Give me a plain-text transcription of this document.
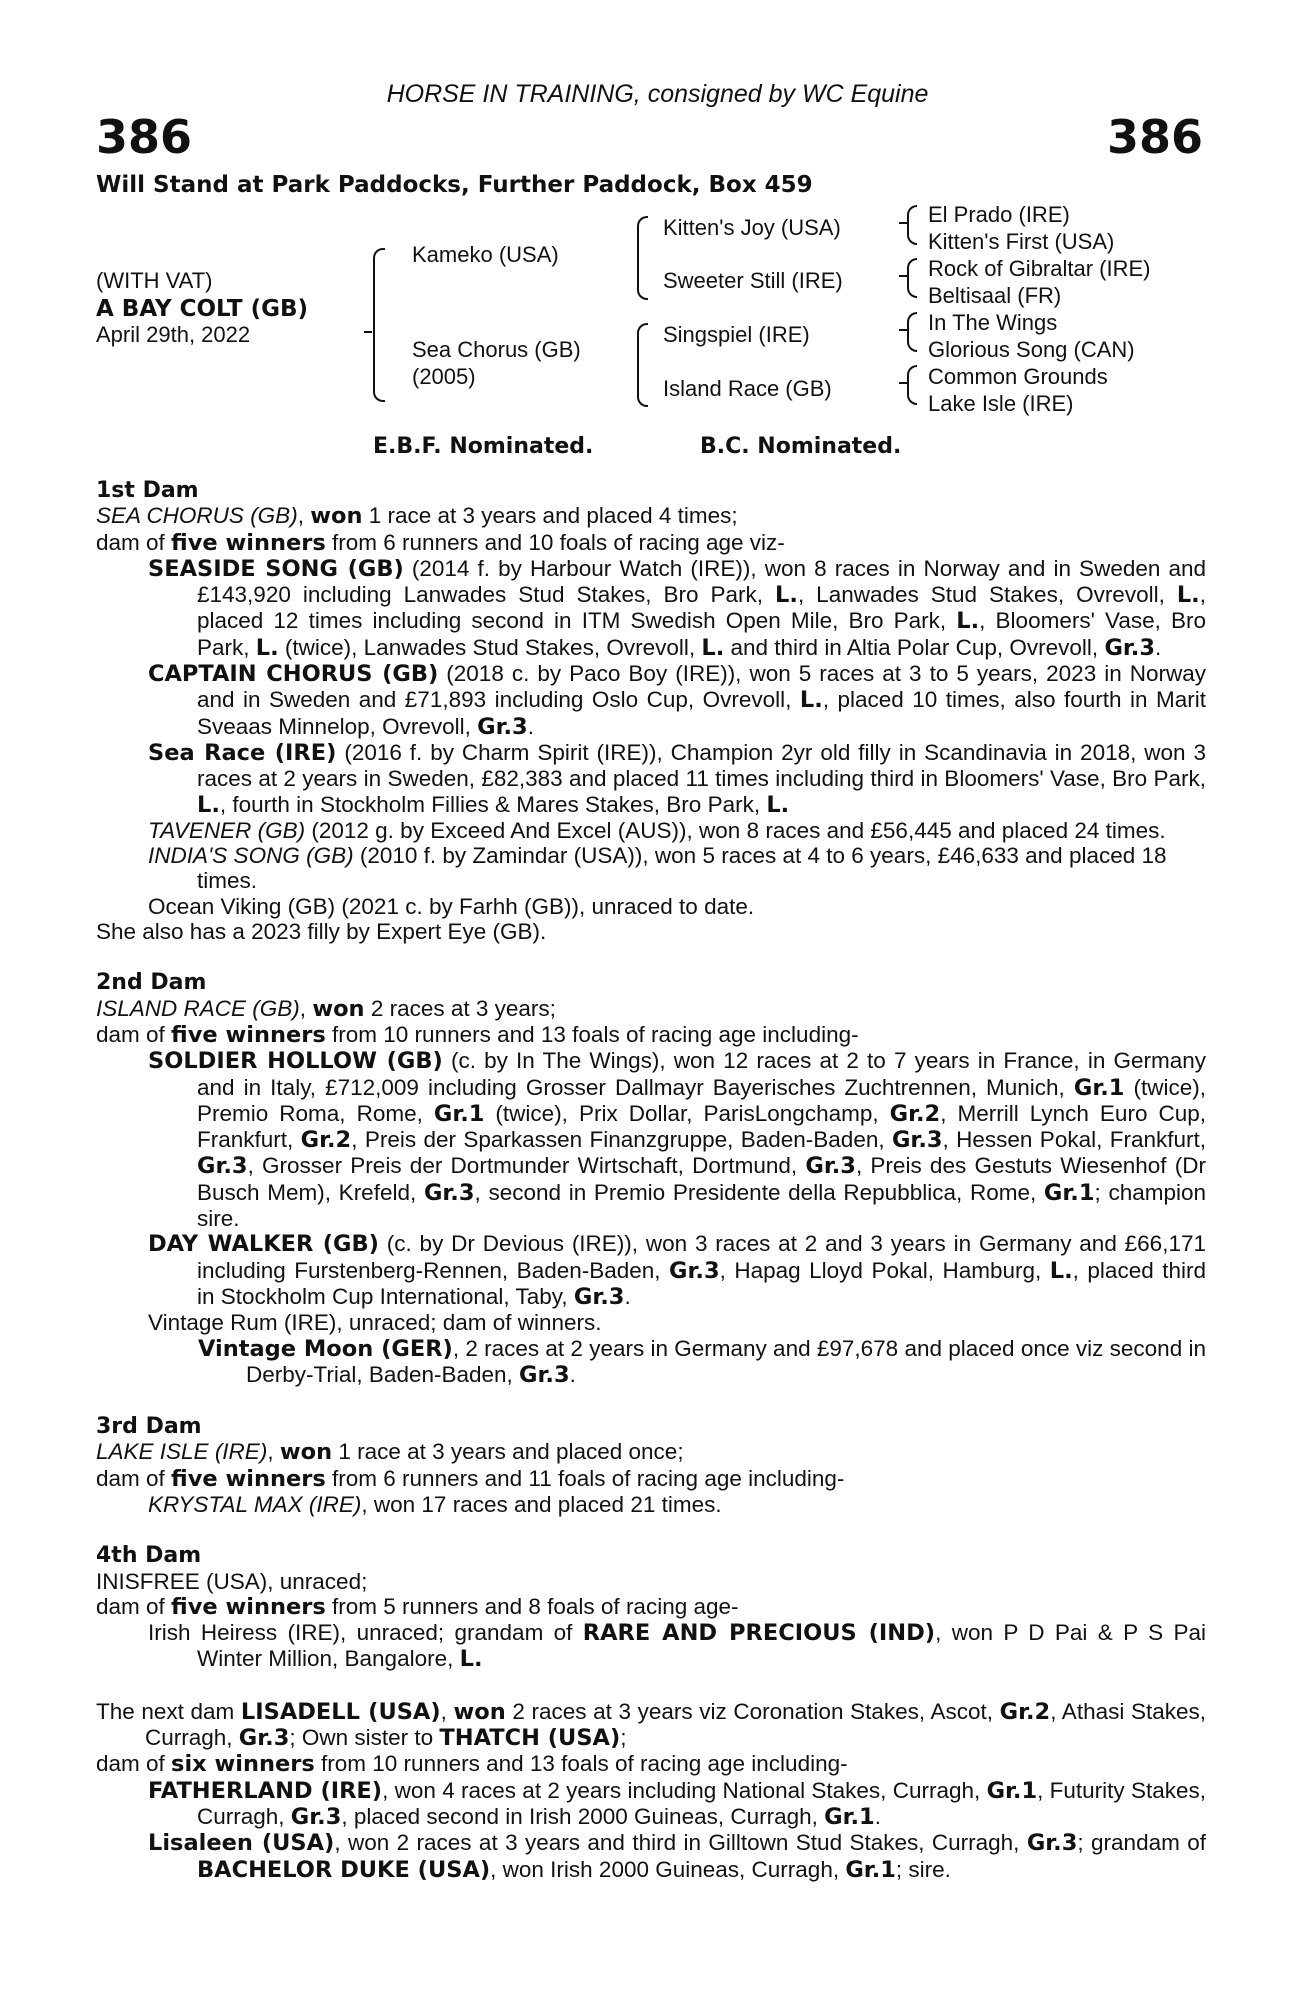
HORSE IN TRAINING, consigned by WC Equine
386	386
Will Stand at Park Paddocks, Further Paddock, Box 459
(WITH VAT)
A BAY COLT (GB)
April 29th, 2022
Kameko (USA)
Sea Chorus (GB)
(2005)
Kitten's Joy (USA)
Sweeter Still (IRE)
Singspiel (IRE)
Island Race (GB)
El Prado (IRE)
Kitten's First (USA)
Rock of Gibraltar (IRE)
Beltisaal (FR)
In The Wings
Glorious Song (CAN)
Common Grounds
Lake Isle (IRE)
E.B.F. Nominated.	B.C. Nominated.

1st Dam

SEA CHORUS (GB), won 1 race at 3 years and placed 4 times;

dam of five winners from 6 runners and 10 foals of racing age viz-

SEASIDE SONG (GB) (2014 f. by Harbour Watch (IRE)), won 8 races in Norway and in Sweden and £143,920 including Lanwades Stud Stakes, Bro Park, L., Lanwades Stud Stakes, Ovrevoll, L., placed 12 times including second in ITM Swedish Open Mile, Bro Park, L., Bloomers' Vase, Bro Park, L. (twice), Lanwades Stud Stakes, Ovrevoll, L. and third in Altia Polar Cup, Ovrevoll, Gr.3.

CAPTAIN CHORUS (GB) (2018 c. by Paco Boy (IRE)), won 5 races at 3 to 5 years, 2023 in Norway and in Sweden and £71,893 including Oslo Cup, Ovrevoll, L., placed 10 times, also fourth in Marit Sveaas Minnelop, Ovrevoll, Gr.3.

Sea Race (IRE) (2016 f. by Charm Spirit (IRE)), Champion 2yr old filly in Scandinavia in 2018, won 3 races at 2 years in Sweden, £82,383 and placed 11 times including third in Bloomers' Vase, Bro Park, L., fourth in Stockholm Fillies & Mares Stakes, Bro Park, L.

TAVENER (GB) (2012 g. by Exceed And Excel (AUS)), won 8 races and £56,445 and placed 24 times.

INDIA'S SONG (GB) (2010 f. by Zamindar (USA)), won 5 races at 4 to 6 years, £46,633 and placed 18 times.

Ocean Viking (GB) (2021 c. by Farhh (GB)), unraced to date.

She also has a 2023 filly by Expert Eye (GB).

2nd Dam

ISLAND RACE (GB), won 2 races at 3 years;

dam of five winners from 10 runners and 13 foals of racing age including-

SOLDIER HOLLOW (GB) (c. by In The Wings), won 12 races at 2 to 7 years in France, in Germany and in Italy, £712,009 including Grosser Dallmayr Bayerisches Zuchtrennen, Munich, Gr.1 (twice), Premio Roma, Rome, Gr.1 (twice), Prix Dollar, ParisLongchamp, Gr.2, Merrill Lynch Euro Cup, Frankfurt, Gr.2, Preis der Sparkassen Finanzgruppe, Baden-Baden, Gr.3, Hessen Pokal, Frankfurt, Gr.3, Grosser Preis der Dortmunder Wirtschaft, Dortmund, Gr.3, Preis des Gestuts Wiesenhof (Dr Busch Mem), Krefeld, Gr.3, second in Premio Presidente della Repubblica, Rome, Gr.1; champion sire.

DAY WALKER (GB) (c. by Dr Devious (IRE)), won 3 races at 2 and 3 years in Germany and £66,171 including Furstenberg-Rennen, Baden-Baden, Gr.3, Hapag Lloyd Pokal, Hamburg, L., placed third in Stockholm Cup International, Taby, Gr.3.

Vintage Rum (IRE), unraced; dam of winners.

Vintage Moon (GER), 2 races at 2 years in Germany and £97,678 and placed once viz second in Derby-Trial, Baden-Baden, Gr.3.

3rd Dam

LAKE ISLE (IRE), won 1 race at 3 years and placed once;

dam of five winners from 6 runners and 11 foals of racing age including-

KRYSTAL MAX (IRE), won 17 races and placed 21 times.

4th Dam

INISFREE (USA), unraced;

dam of five winners from 5 runners and 8 foals of racing age-

Irish Heiress (IRE), unraced; grandam of RARE AND PRECIOUS (IND), won P D Pai & P S Pai Winter Million, Bangalore, L.

The next dam LISADELL (USA), won 2 races at 3 years viz Coronation Stakes, Ascot, Gr.2, Athasi Stakes, Curragh, Gr.3; Own sister to THATCH (USA);

dam of six winners from 10 runners and 13 foals of racing age including-

FATHERLAND (IRE), won 4 races at 2 years including National Stakes, Curragh, Gr.1, Futurity Stakes, Curragh, Gr.3, placed second in Irish 2000 Guineas, Curragh, Gr.1.

Lisaleen (USA), won 2 races at 3 years and third in Gilltown Stud Stakes, Curragh, Gr.3; grandam of BACHELOR DUKE (USA), won Irish 2000 Guineas, Curragh, Gr.1; sire.
